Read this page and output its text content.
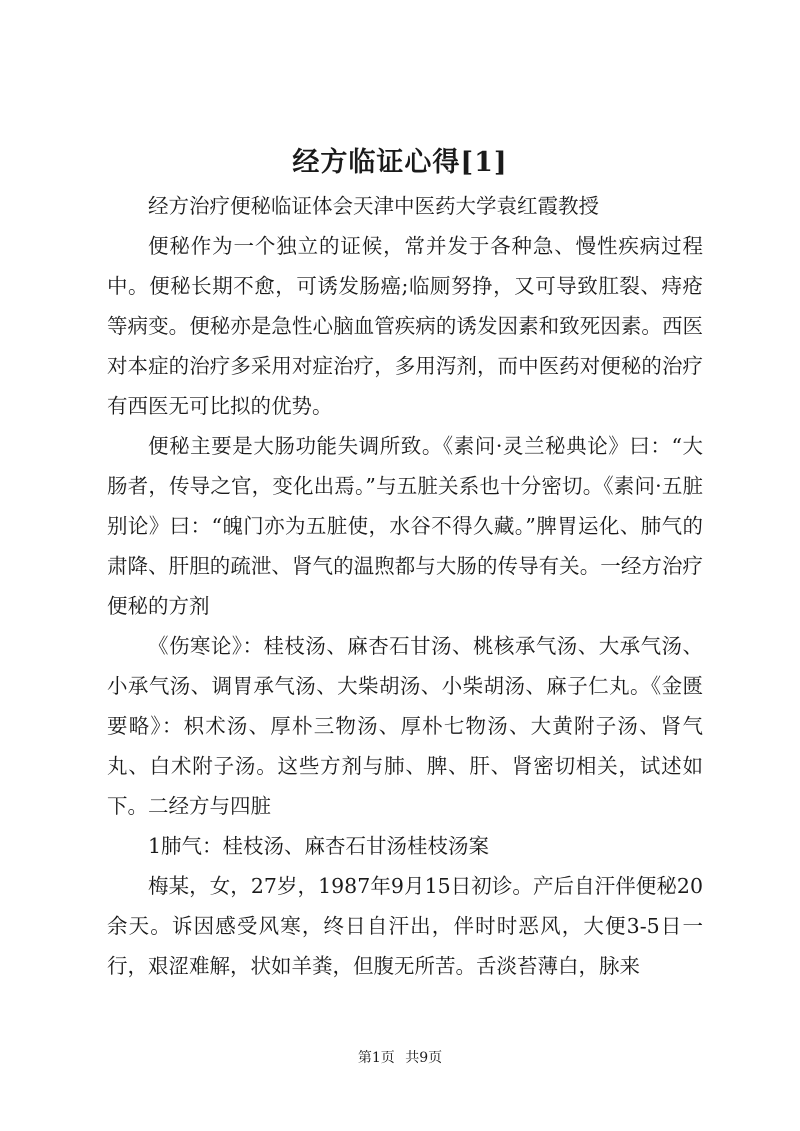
经方临证心得[1]

经方治疗便秘临证体会天津中医药大学袁红霞教授

便秘作为一个独立的证候，常并发于各种急、慢性疾病过程中。便秘长期不愈，可诱发肠癌;临厕努挣，又可导致肛裂、痔疮等病变。便秘亦是急性心脑血管疾病的诱发因素和致死因素。西医对本症的治疗多采用对症治疗，多用泻剂，而中医药对便秘的治疗有西医无可比拟的优势。

便秘主要是大肠功能失调所致。《素问·灵兰秘典论》曰：“大肠者，传导之官，变化出焉。”与五脏关系也十分密切。《素问·五脏别论》曰：“魄门亦为五脏使，水谷不得久藏。”脾胃运化、肺气的肃降、肝胆的疏泄、肾气的温煦都与大肠的传导有关。一经方治疗便秘的方剂

《伤寒论》：桂枝汤、麻杏石甘汤、桃核承气汤、大承气汤、小承气汤、调胃承气汤、大柴胡汤、小柴胡汤、麻子仁丸。《金匮要略》：枳术汤、厚朴三物汤、厚朴七物汤、大黄附子汤、肾气丸、白术附子汤。这些方剂与肺、脾、肝、肾密切相关，试述如下。二经方与四脏

1肺气：桂枝汤、麻杏石甘汤桂枝汤案

梅某，女，27岁，1987年9月15日初诊。产后自汗伴便秘20余天。诉因感受风寒，终日自汗出，伴时时恶风，大便3-5日一行，艰涩难解，状如羊粪，但腹无所苦。舌淡苔薄白，脉来

第1页 共9页
